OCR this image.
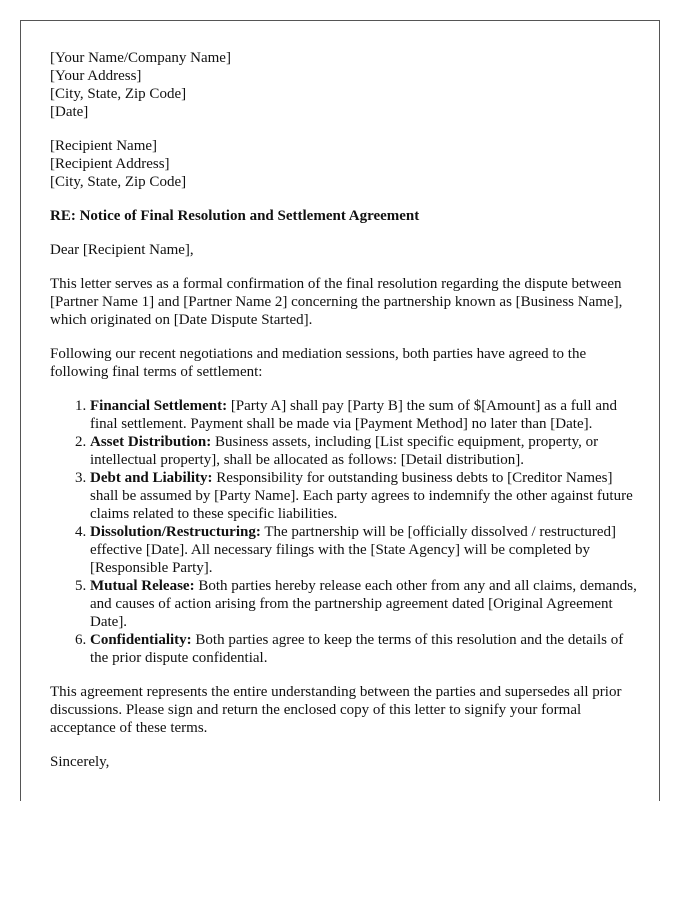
[Your Name/Company Name]
[Your Address]
[City, State, Zip Code]
[Date]
[Recipient Name]
[Recipient Address]
[City, State, Zip Code]
RE: Notice of Final Resolution and Settlement Agreement

Dear [Recipient Name],

This letter serves as a formal confirmation of the final resolution regarding the dispute between [Partner Name 1] and [Partner Name 2] concerning the partnership known as [Business Name], which originated on [Date Dispute Started].

Following our recent negotiations and mediation sessions, both parties have agreed to the following final terms of settlement:

1. Financial Settlement: [Party A] shall pay [Party B] the sum of $[Amount] as a full and final settlement. Payment shall be made via [Payment Method] no later than [Date].
2. Asset Distribution: Business assets, including [List specific equipment, property, or intellectual property], shall be allocated as follows: [Detail distribution].
3. Debt and Liability: Responsibility for outstanding business debts to [Creditor Names] shall be assumed by [Party Name]. Each party agrees to indemnify the other against future claims related to these specific liabilities.
4. Dissolution/Restructuring: The partnership will be [officially dissolved / restructured] effective [Date]. All necessary filings with the [State Agency] will be completed by [Responsible Party].
5. Mutual Release: Both parties hereby release each other from any and all claims, demands, and causes of action arising from the partnership agreement dated [Original Agreement Date].
6. Confidentiality: Both parties agree to keep the terms of this resolution and the details of the prior dispute confidential.

This agreement represents the entire understanding between the parties and supersedes all prior discussions. Please sign and return the enclosed copy of this letter to signify your formal acceptance of these terms.

Sincerely,
